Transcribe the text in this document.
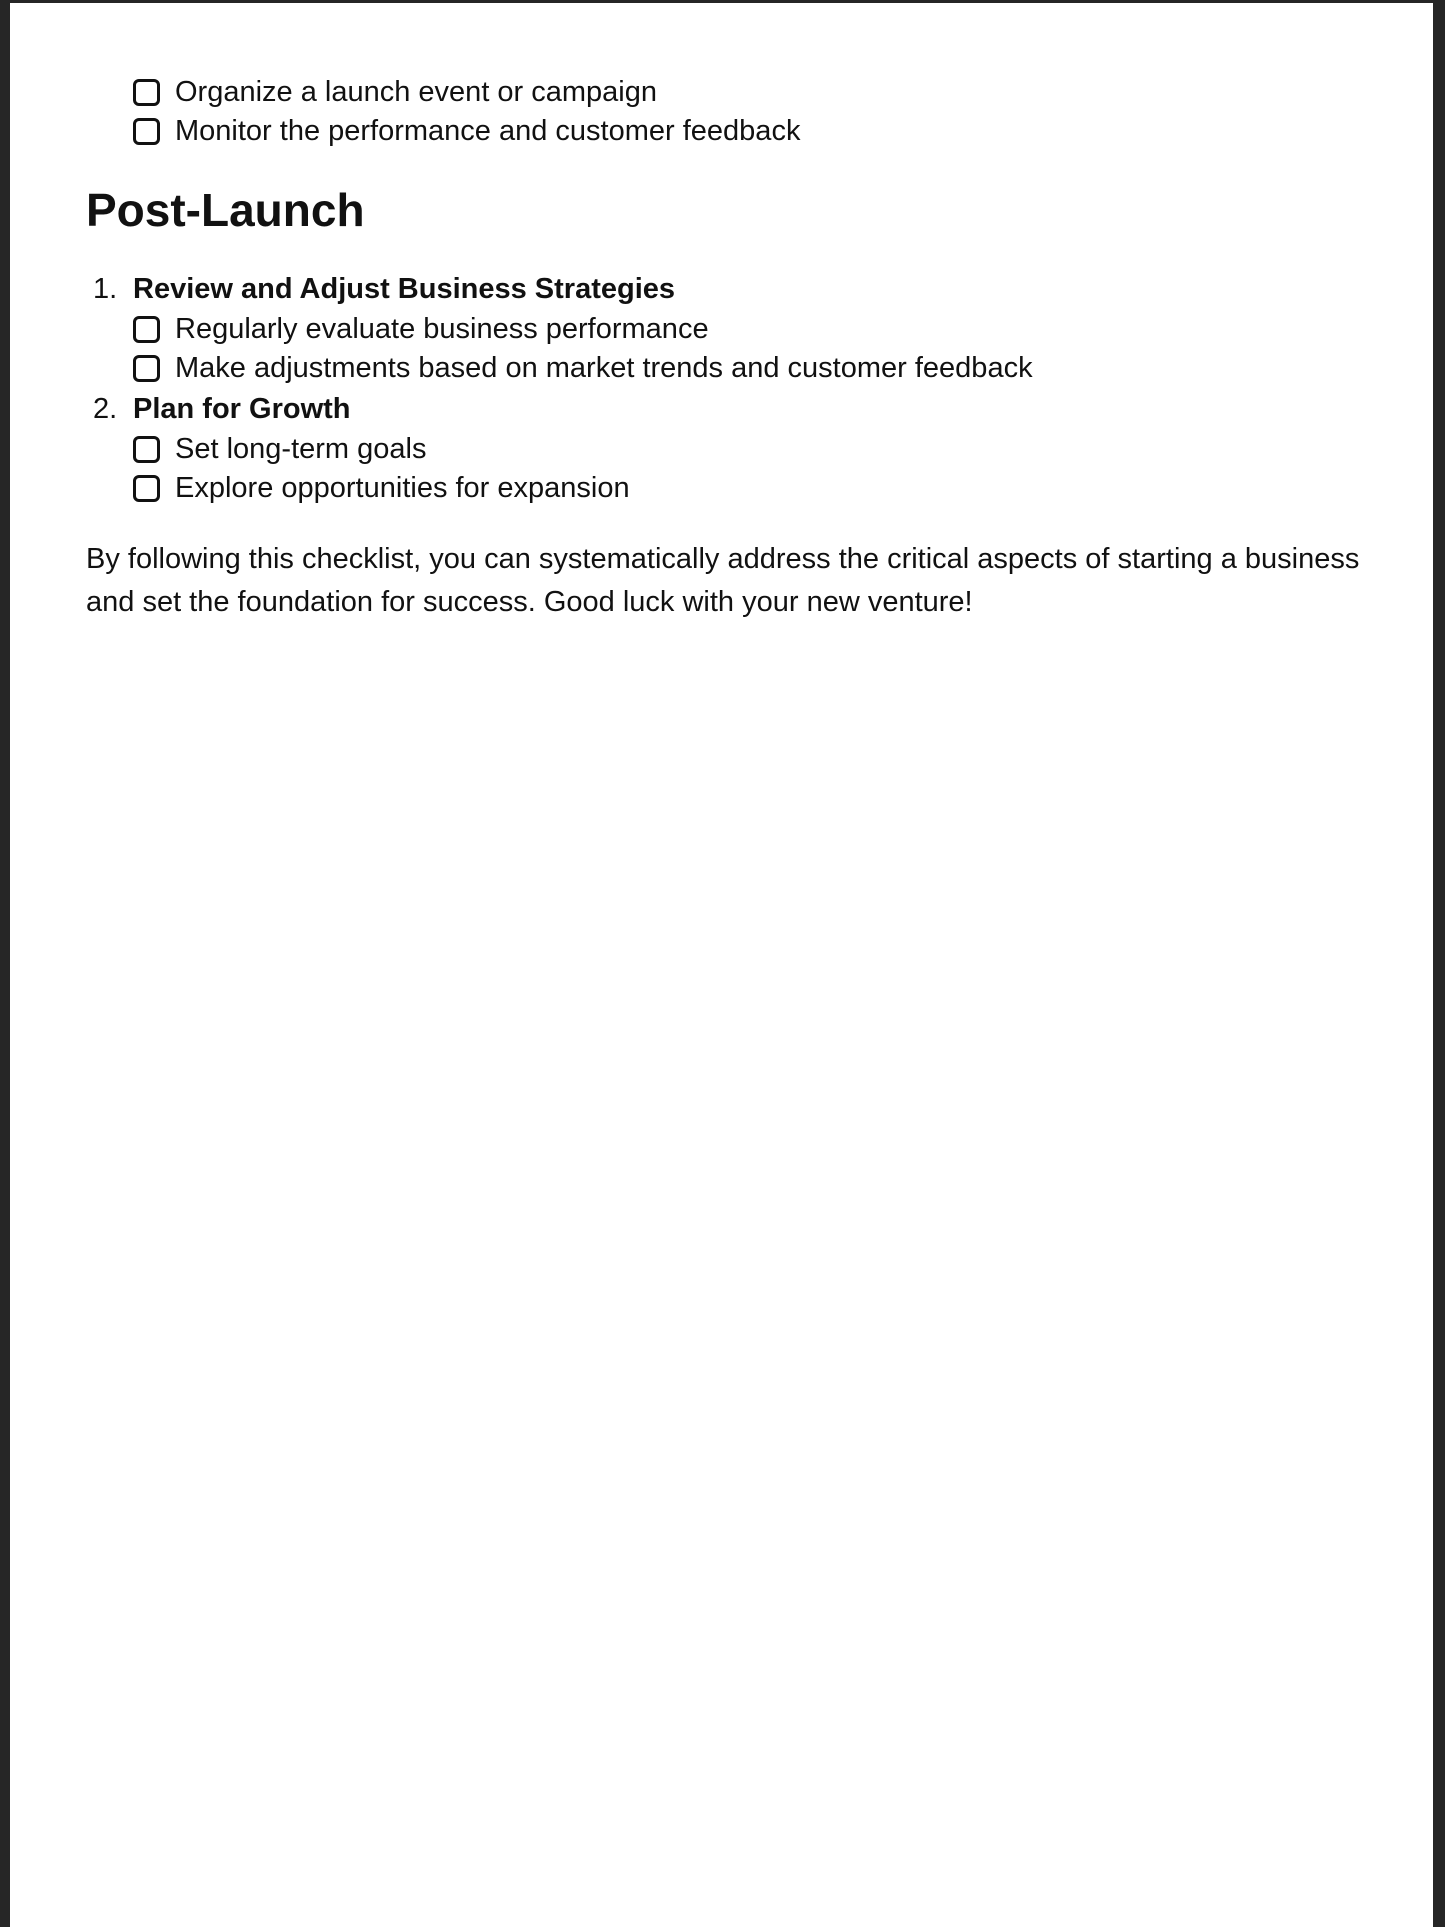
Organize a launch event or campaign
Monitor the performance and customer feedback
Post-Launch
1. Review and Adjust Business Strategies
Regularly evaluate business performance
Make adjustments based on market trends and customer feedback
2. Plan for Growth
Set long-term goals
Explore opportunities for expansion

By following this checklist, you can systematically address the critical aspects of starting a business and set the foundation for success. Good luck with your new venture!
